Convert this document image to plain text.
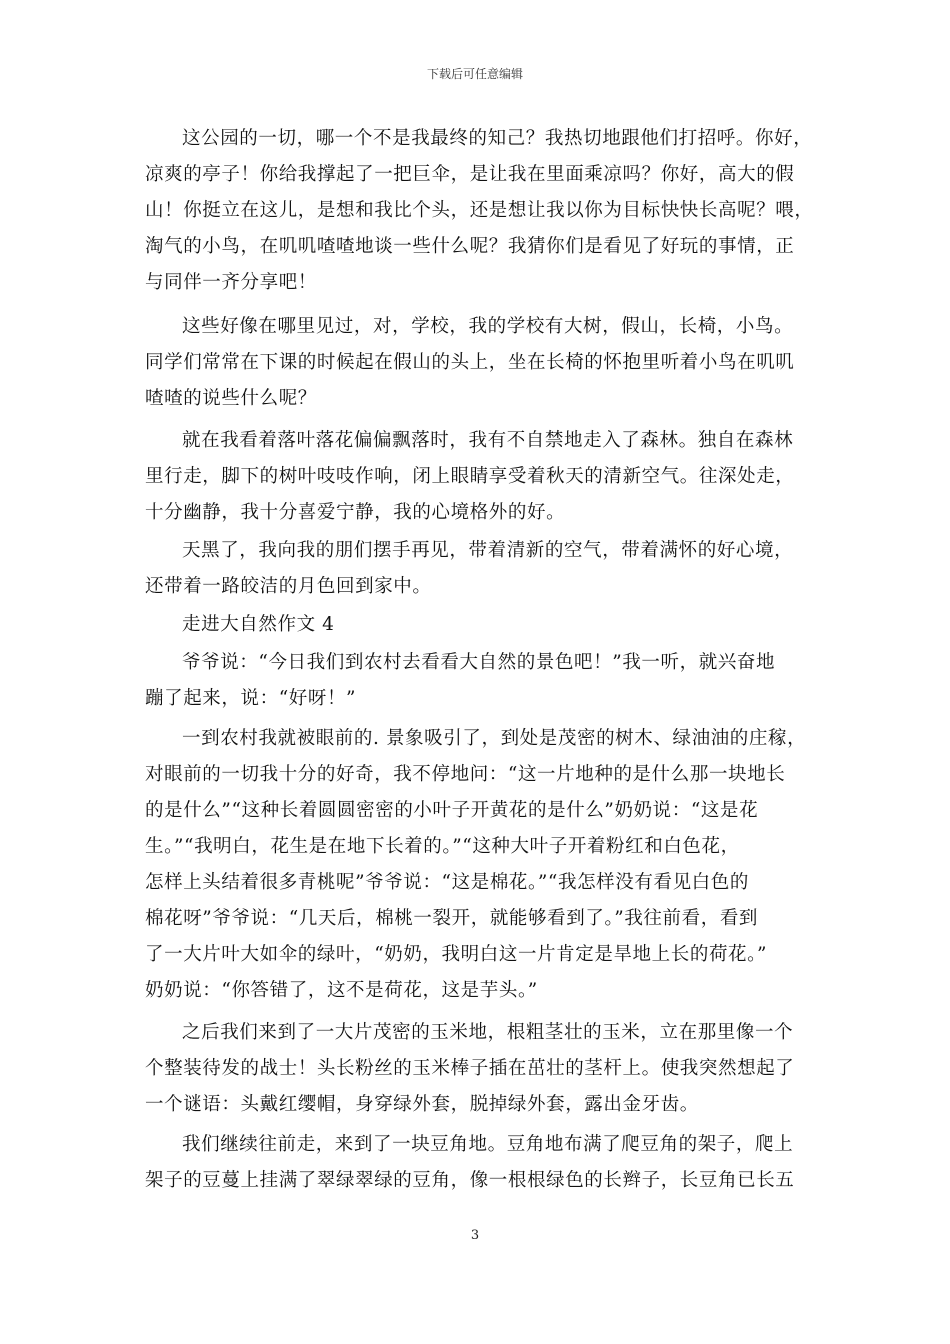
下载后可任意编辑
这公园的一切，哪一个不是我最终的知己？我热切地跟他们打招呼。你好，
凉爽的亭子！你给我撑起了一把巨伞，是让我在里面乘凉吗？你好，高大的假
山！你挺立在这儿，是想和我比个头，还是想让我以你为目标快快长高呢？喂，
淘气的小鸟，在叽叽喳喳地谈一些什么呢？我猜你们是看见了好玩的事情，正
与同伴一齐分享吧！
这些好像在哪里见过，对，学校，我的学校有大树，假山，长椅，小鸟。
同学们常常在下课的时候起在假山的头上，坐在长椅的怀抱里听着小鸟在叽叽
喳喳的说些什么呢？
就在我看着落叶落花偏偏飘落时，我有不自禁地走入了森林。独自在森林
里行走，脚下的树叶吱吱作响，闭上眼睛享受着秋天的清新空气。往深处走，
十分幽静，我十分喜爱宁静，我的心境格外的好。
天黑了，我向我的朋们摆手再见，带着清新的空气，带着满怀的好心境，
还带着一路皎洁的月色回到家中。
走进大自然作文 4
爷爷说：“今日我们到农村去看看大自然的景色吧！”我一听，就兴奋地
蹦了起来，说：“好呀！”
一到农村我就被眼前的. 景象吸引了，到处是茂密的树木、绿油油的庄稼，
对眼前的一切我十分的好奇，我不停地问：“这一片地种的是什么那一块地长
的是什么”“这种长着圆圆密密的小叶子开黄花的是什么”奶奶说：“这是花
生。”“我明白，花生是在地下长着的。”“这种大叶子开着粉红和白色花，
怎样上头结着很多青桃呢”爷爷说：“这是棉花。”“我怎样没有看见白色的
棉花呀”爷爷说：“几天后，棉桃一裂开，就能够看到了。”我往前看，看到
了一大片叶大如伞的绿叶，“奶奶，我明白这一片肯定是旱地上长的荷花。”
奶奶说：“你答错了，这不是荷花，这是芋头。”
之后我们来到了一大片茂密的玉米地，根粗茎壮的玉米，立在那里像一个
个整装待发的战士！头长粉丝的玉米棒子插在茁壮的茎杆上。使我突然想起了
一个谜语：头戴红缨帽，身穿绿外套，脱掉绿外套，露出金牙齿。
我们继续往前走，来到了一块豆角地。豆角地布满了爬豆角的架子，爬上
架子的豆蔓上挂满了翠绿翠绿的豆角，像一根根绿色的长辫子，长豆角已长五
3
